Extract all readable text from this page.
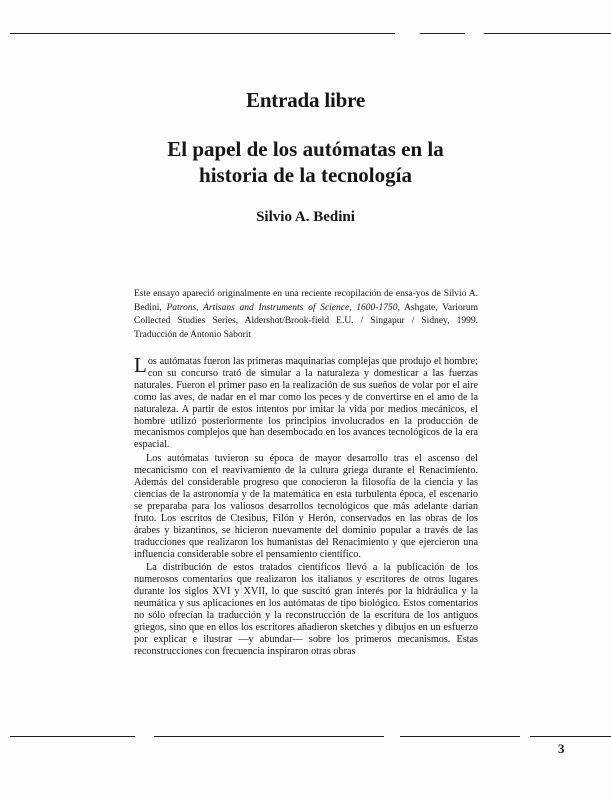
Entrada libre
El papel de los autómatas en la
historia de la tecnología
Silvio A. Bedini
Este ensayo apareció originalmente en una reciente recopilación de ensa-yos de Silvio A. Bedini, Patrons, Artisans and Instruments of Science, 1600-1750, Ashgate, Variorum Collected Studies Series, Aldershot/Brook-field E.U. / Singapur / Sidney, 1999. Traducción de Antonio Saborit

Los autómatas fueron las primeras maquinarias complejas que produjo el hombre; con su concurso trató de simular a la naturaleza y domesticar a las fuerzas naturales. Fueron el primer paso en la realización de sus sueños de volar por el aire como las aves, de nadar en el mar como los peces y de convertirse en el amo de la naturaleza. A partir de estos intentos por imitar la vida por medios mecánicos, el hombre utilizó posteriormente los principios involucrados en la producción de mecanismos complejos que han desembocado en los avances tecnológicos de la era espacial.

Los autómatas tuvieron su época de mayor desarrollo tras el ascenso del mecanicismo con el reavivamiento de la cultura griega durante el Renacimiento. Además del considerable progreso que conocieron la filosofía de la ciencia y las ciencias de la astronomía y de la matemática en esta turbulenta época, el escenario se preparaba para los valiosos desarrollos tecnológicos que más adelante darían fruto. Los escritos de Ctesibus, Filón y Herón, conservados en las obras de los árabes y bizantinos, se hicieron nuevamente del dominio popular a través de las traducciones que realizaron los humanistas del Renacimiento y que ejercieron una influencia considerable sobre el pensamiento científico.

La distribución de estos tratados científicos llevó a la publicación de los numerosos comentarios que realizaron los italianos y escritores de otros lugares durante los siglos XVI y XVII, lo que suscitó gran interés por la hidráulica y la neumática y sus aplicaciones en los autómatas de tipo biológico. Estos comentarios no sólo ofrecían la traducción y la reconstrucción de la escritura de los antiguos griegos, sino que en ellos los escritores añadieron sketches y dibujos en un esfuerzo por explicar e ilustrar —y abundar— sobre los primeros mecanismos. Estas reconstrucciones con frecuencia inspiraron otras obras

3
